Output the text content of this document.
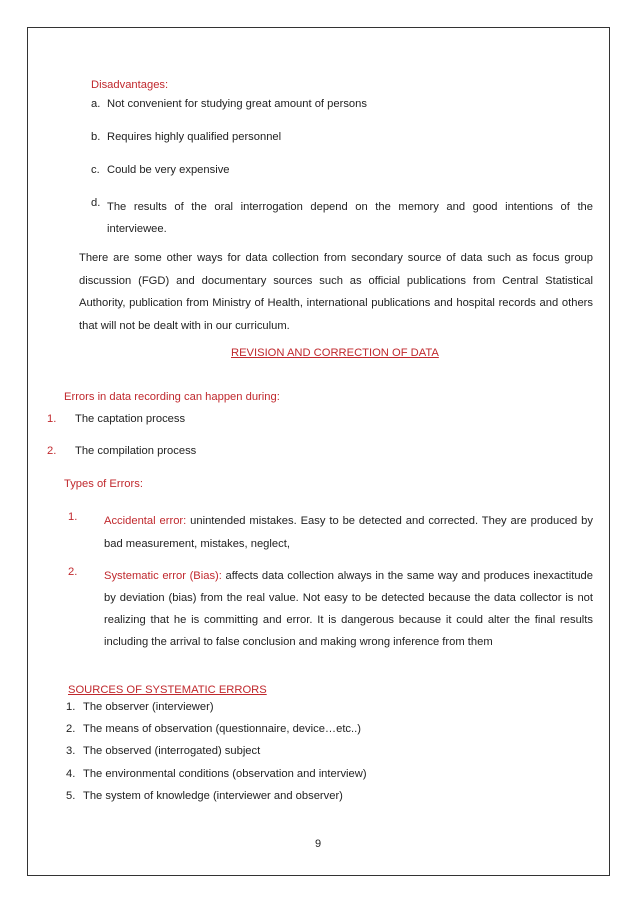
Disadvantages:
a. Not convenient for studying great amount of persons
b. Requires highly qualified personnel
c. Could be very expensive
d. The results of the oral interrogation depend on the memory and good intentions of the interviewee.
There are some other ways for data collection from secondary source of data such as focus group discussion (FGD) and documentary sources such as official publications from Central Statistical Authority, publication from Ministry of Health, international publications and hospital records and others that will not be dealt with in our curriculum.
REVISION AND CORRECTION OF DATA
Errors in data recording can happen during:
1. The captation process
2. The compilation process
Types of Errors:
1. Accidental error: unintended mistakes. Easy to be detected and corrected. They are produced by bad measurement, mistakes, neglect,
2. Systematic error (Bias): affects data collection always in the same way and produces inexactitude by deviation (bias) from the real value. Not easy to be detected because the data collector is not realizing that he is committing and error. It is dangerous because it could alter the final results including the arrival to false conclusion and making wrong inference from them
SOURCES OF SYSTEMATIC ERRORS
1. The observer (interviewer)
2. The means of observation (questionnaire, device…etc..)
3. The observed (interrogated) subject
4. The environmental conditions (observation and interview)
5. The system of knowledge (interviewer and observer)
9
